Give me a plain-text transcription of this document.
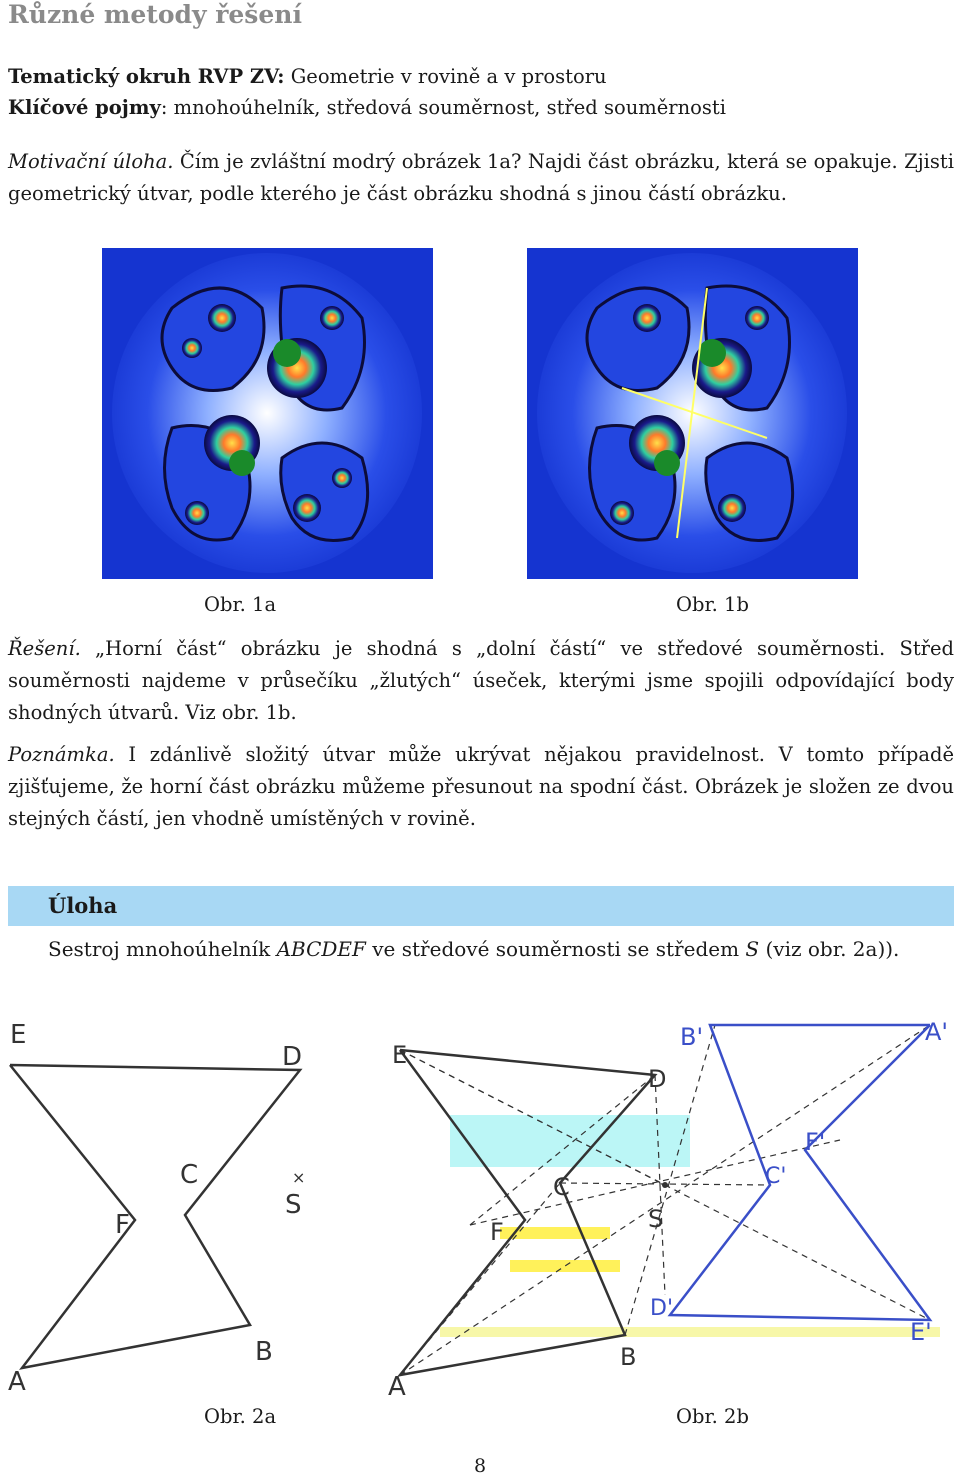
Různé metody řešení
Tematický okruh RVP ZV: Geometrie v rovině a v prostoru
Klíčové pojmy: mnohoúhelník, středová souměrnost, střed souměrnosti
Motivační úloha. Čím je zvláštní modrý obrázek 1a? Najdi část obrázku, která se opakuje. Zjisti geometrický útvar, podle kterého je část obrázku shodná s jinou částí obrázku.
Obr. 1a	Obr. 1b
Řešení. „Horní část“ obrázku je shodná s „dolní částí“ ve středové souměrnosti. Střed souměrnosti najdeme v průsečíku „žlutých“ úseček, kterými jsme spojili odpovídající body shodných útvarů. Viz obr. 1b.
Poznámka. I zdánlivě složitý útvar může ukrývat nějakou pravidelnost. V tomto případě zjišťujeme, že horní část obrázku můžeme přesunout na spodní část. Obrázek je složen ze dvou stejných částí, jen vhodně umístěných v rovině.
Úloha
Sestroj mnohoúhelník ABCDEF ve středové souměrnosti se středem S (viz obr. 2a)).
E
D
C	×
S
F
B
A
E
D
C
S
F
B
A
B'	A'
F'
C'
D'
E'
Obr. 2a	Obr. 2b
8
